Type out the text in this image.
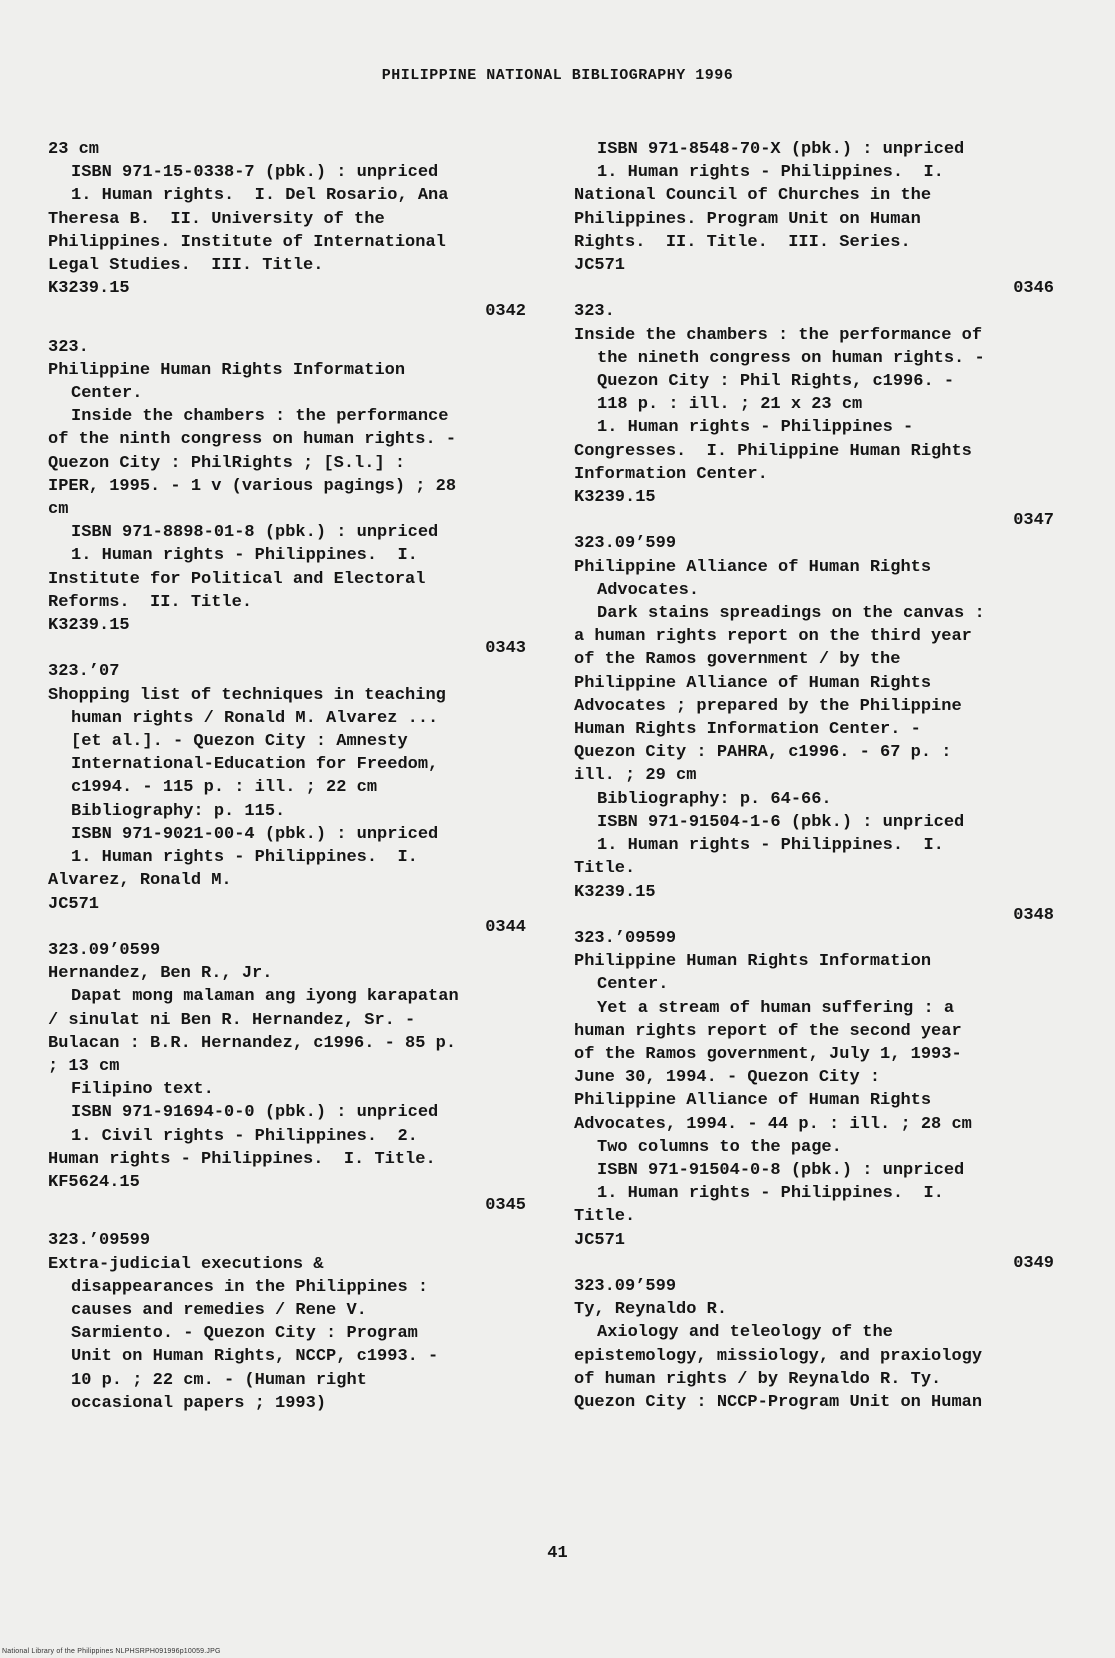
PHILIPPINE NATIONAL BIBLIOGRAPHY 1996
23 cm
ISBN 971-15-0338-7 (pbk.) : unpriced
1. Human rights.  I. Del Rosario, Ana
Theresa B.  II. University of the
Philippines. Institute of International
Legal Studies.  III. Title.
K3239.15
0342
323.
Philippine Human Rights Information
Center.
Inside the chambers : the performance
of the ninth congress on human rights. -
Quezon City : PhilRights ; [S.l.] :
IPER, 1995. - 1 v (various pagings) ; 28
cm
ISBN 971-8898-01-8 (pbk.) : unpriced
1. Human rights - Philippines.  I.
Institute for Political and Electoral
Reforms.  II. Title.
K3239.15
0343
323.’07
Shopping list of techniques in teaching
human rights / Ronald M. Alvarez ...
[et al.]. - Quezon City : Amnesty
International-Education for Freedom,
c1994. - 115 p. : ill. ; 22 cm
Bibliography: p. 115.
ISBN 971-9021-00-4 (pbk.) : unpriced
1. Human rights - Philippines.  I.
Alvarez, Ronald M.
JC571
0344
323.09’0599
Hernandez, Ben R., Jr.
Dapat mong malaman ang iyong karapatan
/ sinulat ni Ben R. Hernandez, Sr. -
Bulacan : B.R. Hernandez, c1996. - 85 p.
; 13 cm
Filipino text.
ISBN 971-91694-0-0 (pbk.) : unpriced
1. Civil rights - Philippines.  2.
Human rights - Philippines.  I. Title.
KF5624.15
0345
323.’09599
Extra-judicial executions &
disappearances in the Philippines :
causes and remedies / Rene V.
Sarmiento. - Quezon City : Program
Unit on Human Rights, NCCP, c1993. -
10 p. ; 22 cm. - (Human right
occasional papers ; 1993)
ISBN 971-8548-70-X (pbk.) : unpriced
1. Human rights - Philippines.  I.
National Council of Churches in the
Philippines. Program Unit on Human
Rights.  II. Title.  III. Series.
JC571
0346
323.
Inside the chambers : the performance of
the nineth congress on human rights. -
Quezon City : Phil Rights, c1996. -
118 p. : ill. ; 21 x 23 cm
1. Human rights - Philippines -
Congresses.  I. Philippine Human Rights
Information Center.
K3239.15
0347
323.09’599
Philippine Alliance of Human Rights
Advocates.
Dark stains spreadings on the canvas :
a human rights report on the third year
of the Ramos government / by the
Philippine Alliance of Human Rights
Advocates ; prepared by the Philippine
Human Rights Information Center. -
Quezon City : PAHRA, c1996. - 67 p. :
ill. ; 29 cm
Bibliography: p. 64-66.
ISBN 971-91504-1-6 (pbk.) : unpriced
1. Human rights - Philippines.  I.
Title.
K3239.15
0348
323.’09599
Philippine Human Rights Information
Center.
Yet a stream of human suffering : a
human rights report of the second year
of the Ramos government, July 1, 1993-
June 30, 1994. - Quezon City :
Philippine Alliance of Human Rights
Advocates, 1994. - 44 p. : ill. ; 28 cm
Two columns to the page.
ISBN 971-91504-0-8 (pbk.) : unpriced
1. Human rights - Philippines.  I.
Title.
JC571
0349
323.09’599
Ty, Reynaldo R.
Axiology and teleology of the
epistemology, missiology, and praxiology
of human rights / by Reynaldo R. Ty.
Quezon City : NCCP-Program Unit on Human
41
National Library of the Philippines NLPHSRPH091996p10059.JPG
